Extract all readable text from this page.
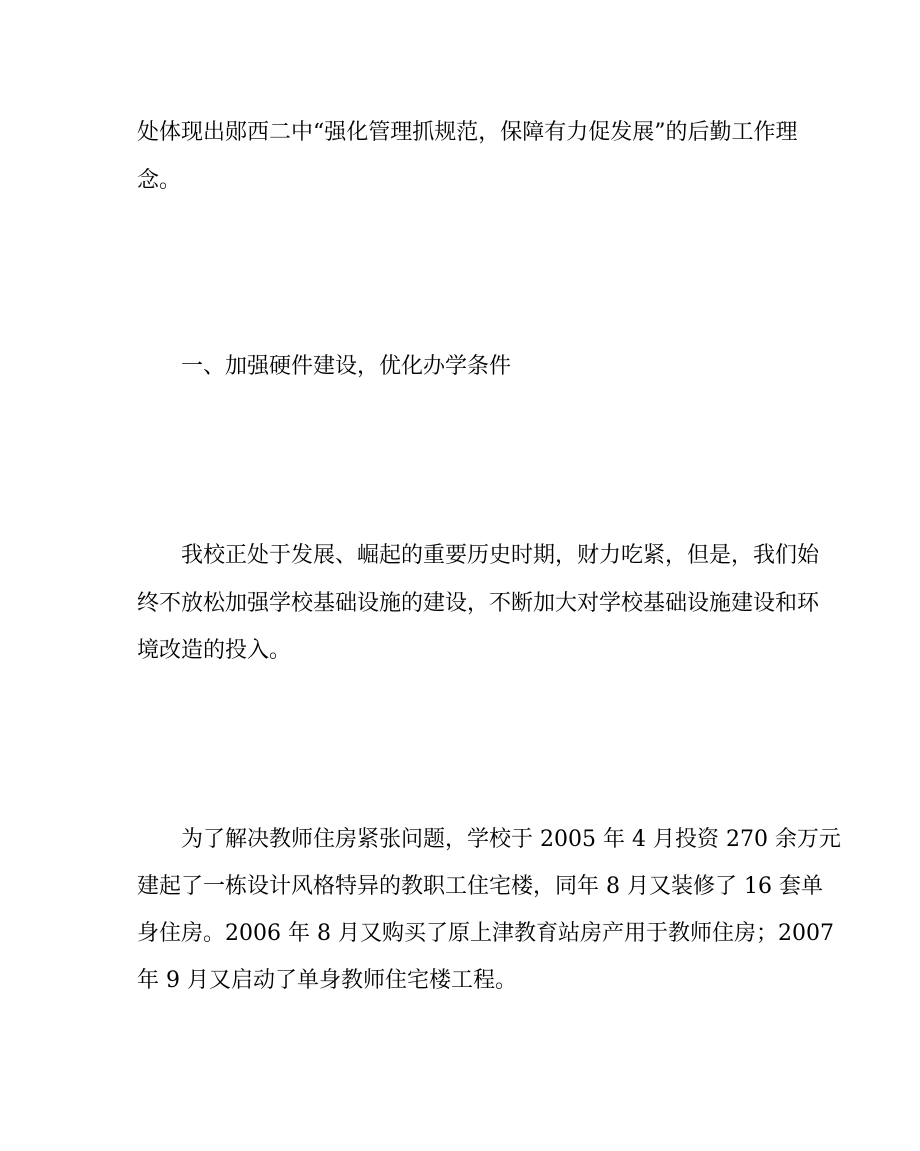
处体现出郧西二中“强化管理抓规范，保障有力促发展”的后勤工作理
念。
一、加强硬件建设，优化办学条件
我校正处于发展、崛起的重要历史时期，财力吃紧，但是，我们始
终不放松加强学校基础设施的建设，不断加大对学校基础设施建设和环
境改造的投入。
为了解决教师住房紧张问题，学校于 2005 年 4 月投资 270 余万元
建起了一栋设计风格特异的教职工住宅楼，同年 8 月又装修了 16 套单
身住房。2006 年 8 月又购买了原上津教育站房产用于教师住房；2007
年 9 月又启动了单身教师住宅楼工程。
